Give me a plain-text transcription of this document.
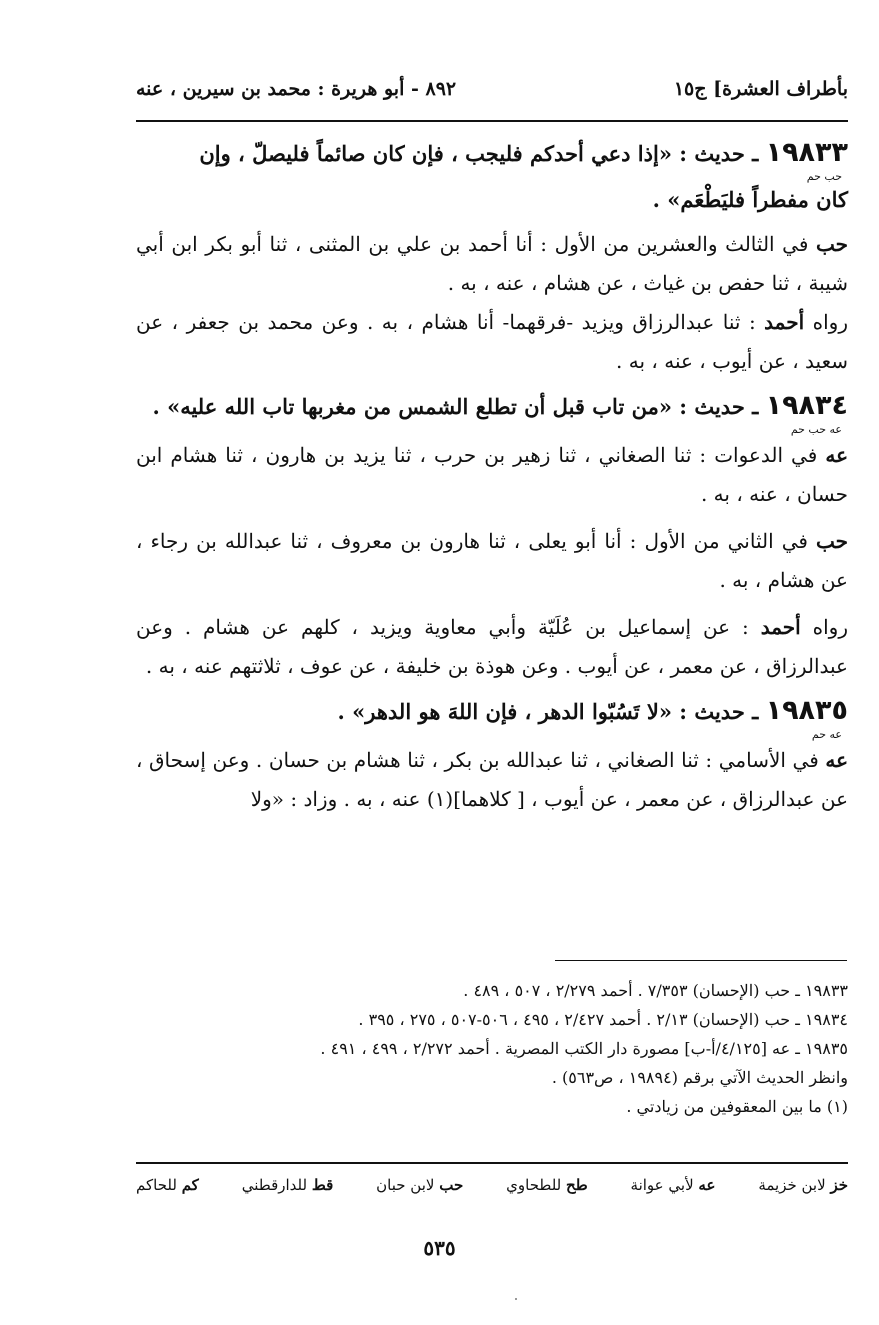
بأطراف العشرة] ج١٥
٨٩٢ - أبو هريرة : محمد بن سيرين ، عنه
١٩٨٣٣ ـ حديث : «إذا دعي أحدكم فليجب ، فإن كان صائماً فليصلّ ، وإن
حب حم
كان مفطراً فليَطْعَم» .

حب في الثالث والعشرين من الأول : أنا أحمد بن علي بن المثنى ، ثنا أبو بكر ابن أبي شيبة ، ثنا حفص بن غياث ، عن هشام ، عنه ، به .

رواه أحمد : ثنا عبدالرزاق ويزيد -فرقهما- أنا هشام ، به . وعن محمد بن جعفر ، عن سعيد ، عن أيوب ، عنه ، به .

١٩٨٣٤ ـ حديث : «من تاب قبل أن تطلع الشمس من مغربها تاب الله عليه» .
عه حب حم

عه في الدعوات : ثنا الصغاني ، ثنا زهير بن حرب ، ثنا يزيد بن هارون ، ثنا هشام ابن حسان ، عنه ، به .

حب في الثاني من الأول : أنا أبو يعلى ، ثنا هارون بن معروف ، ثنا عبدالله بن رجاء ، عن هشام ، به .

رواه أحمد : عن إسماعيل بن عُلَيّة وأبي معاوية ويزيد ، كلهم عن هشام . وعن عبدالرزاق ، عن معمر ، عن أيوب . وعن هوذة بن خليفة ، عن عوف ، ثلاثتهم عنه ، به .

١٩٨٣٥ ـ حديث : «لا تَسُبّوا الدهر ، فإن اللهَ هو الدهر» .
عه حم

عه في الأسامي : ثنا الصغاني ، ثنا عبدالله بن بكر ، ثنا هشام بن حسان . وعن إسحاق ، عن عبدالرزاق ، عن معمر ، عن أيوب ، [ كلاهما](١) عنه ، به . وزاد : «ولا

١٩٨٣٣ ـ حب (الإحسان) ٧/٣٥٣ . أحمد ٢/٢٧٩ ، ٥٠٧ ، ٤٨٩ .

١٩٨٣٤ ـ حب (الإحسان) ٢/١٣ . أحمد ٢/٤٢٧ ، ٤٩٥ ، ٥٠٦-٥٠٧ ، ٢٧٥ ، ٣٩٥ .

١٩٨٣٥ ـ عه [٤/١٢٥/أ-ب] مصورة دار الكتب المصرية . أحمد ٢/٢٧٢ ، ٤٩٩ ، ٤٩١ .

وانظر الحديث الآتي برقم (١٩٨٩٤ ، ص٥٦٣) .

(١) ما بين المعقوفين من زيادتي .

خز لابن خزيمة
عه لأبي عوانة
طح للطحاوي
حب لابن حبان
قط للدارقطني
كم للحاكم
٥٣٥
